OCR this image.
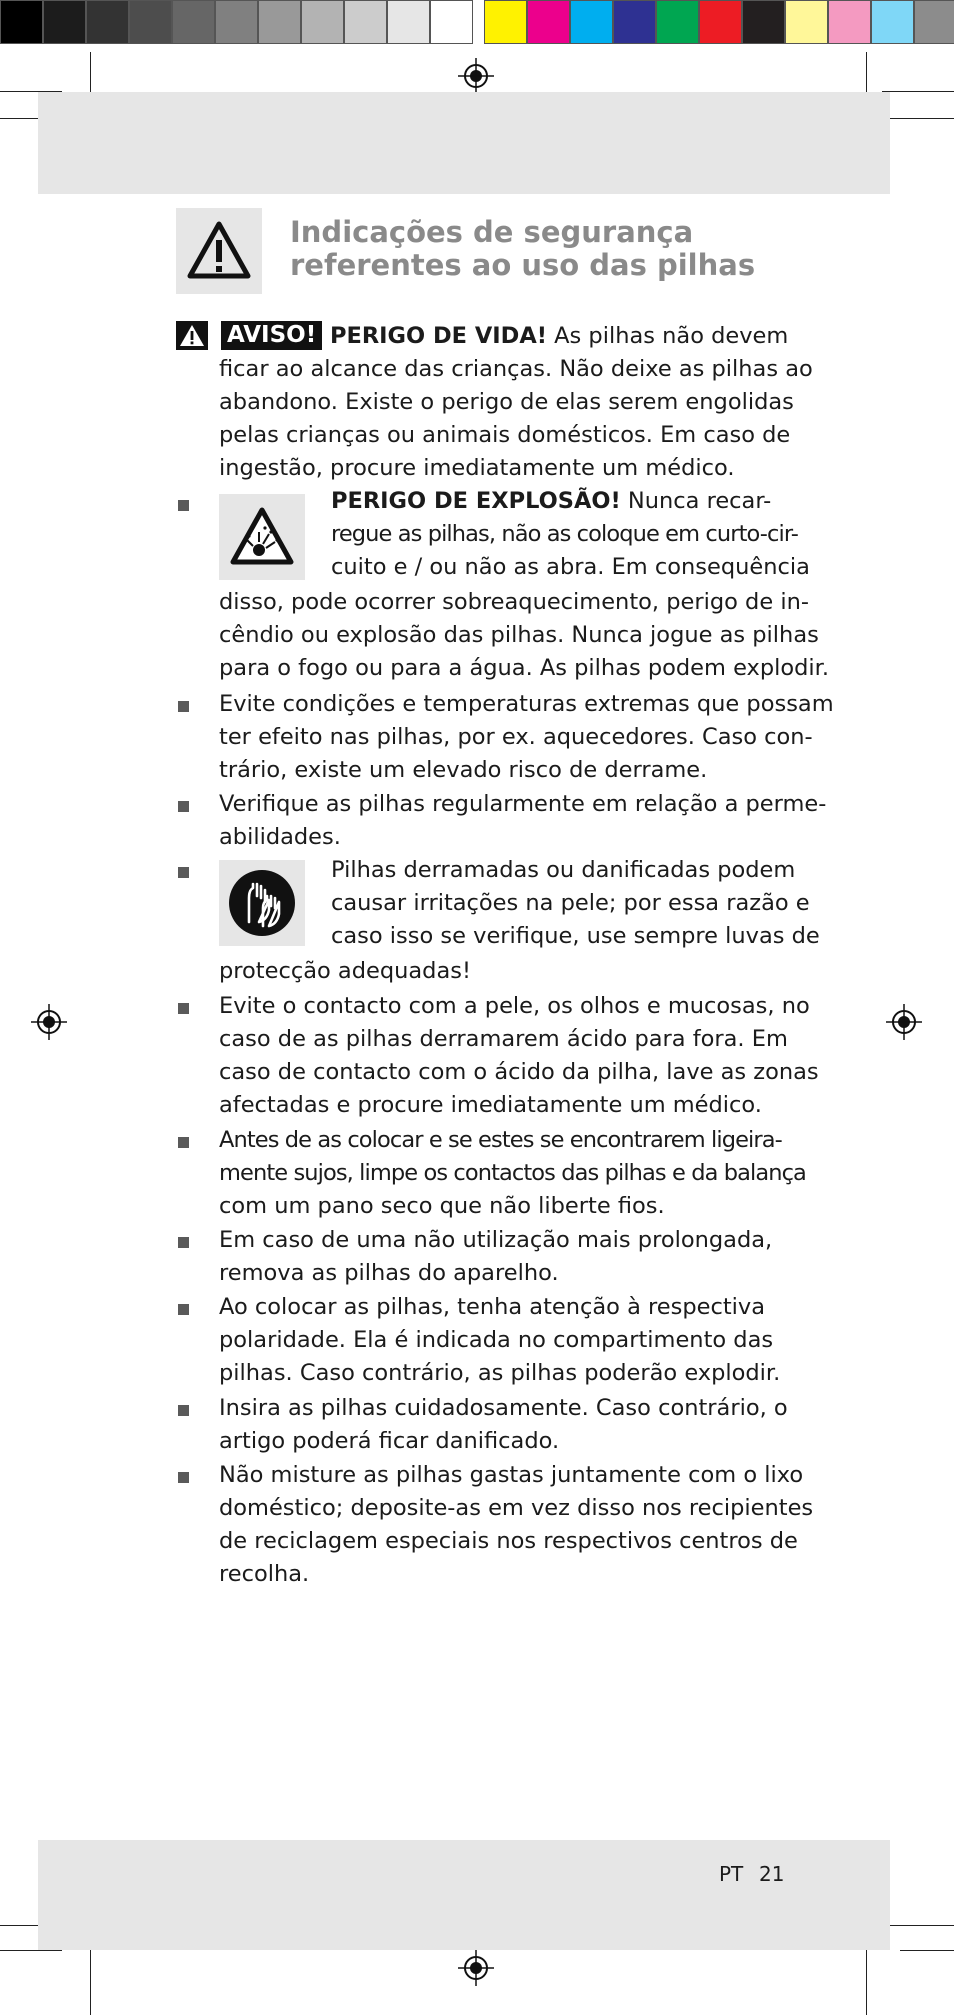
Indicações de segurança
referentes ao uso das pilhas
AVISO! PERIGO DE VIDA! As pilhas não devem
ficar ao alcance das crianças. Não deixe as pilhas ao
abandono. Existe o perigo de elas serem engolidas
pelas crianças ou animais domésticos. Em caso de
ingestão, procure imediatamente um médico.
PERIGO DE EXPLOSÃO! Nunca recar-
regue as pilhas, não as coloque em curto-cir-
cuito e / ou não as abra. Em consequência
disso, pode ocorrer sobreaquecimento, perigo de in-
cêndio ou explosão das pilhas. Nunca jogue as pilhas
para o fogo ou para a água. As pilhas podem explodir.
Evite condições e temperaturas extremas que possam
ter efeito nas pilhas, por ex. aquecedores. Caso con-
trário, existe um elevado risco de derrame.
Verifique as pilhas regularmente em relação a perme-
abilidades.
Pilhas derramadas ou danificadas podem
causar irritações na pele; por essa razão e
caso isso se verifique, use sempre luvas de
protecção adequadas!
Evite o contacto com a pele, os olhos e mucosas, no
caso de as pilhas derramarem ácido para fora. Em
caso de contacto com o ácido da pilha, lave as zonas
afectadas e procure imediatamente um médico.
Antes de as colocar e se estes se encontrarem ligeira-
mente sujos, limpe os contactos das pilhas e da balança
com um pano seco que não liberte fios.
Em caso de uma não utilização mais prolongada,
remova as pilhas do aparelho.
Ao colocar as pilhas, tenha atenção à respectiva
polaridade. Ela é indicada no compartimento das
pilhas. Caso contrário, as pilhas poderão explodir.
Insira as pilhas cuidadosamente. Caso contrário, o
artigo poderá ficar danificado.
Não misture as pilhas gastas juntamente com o lixo
doméstico; deposite-as em vez disso nos recipientes
de reciclagem especiais nos respectivos centros de
recolha.
PT 21
